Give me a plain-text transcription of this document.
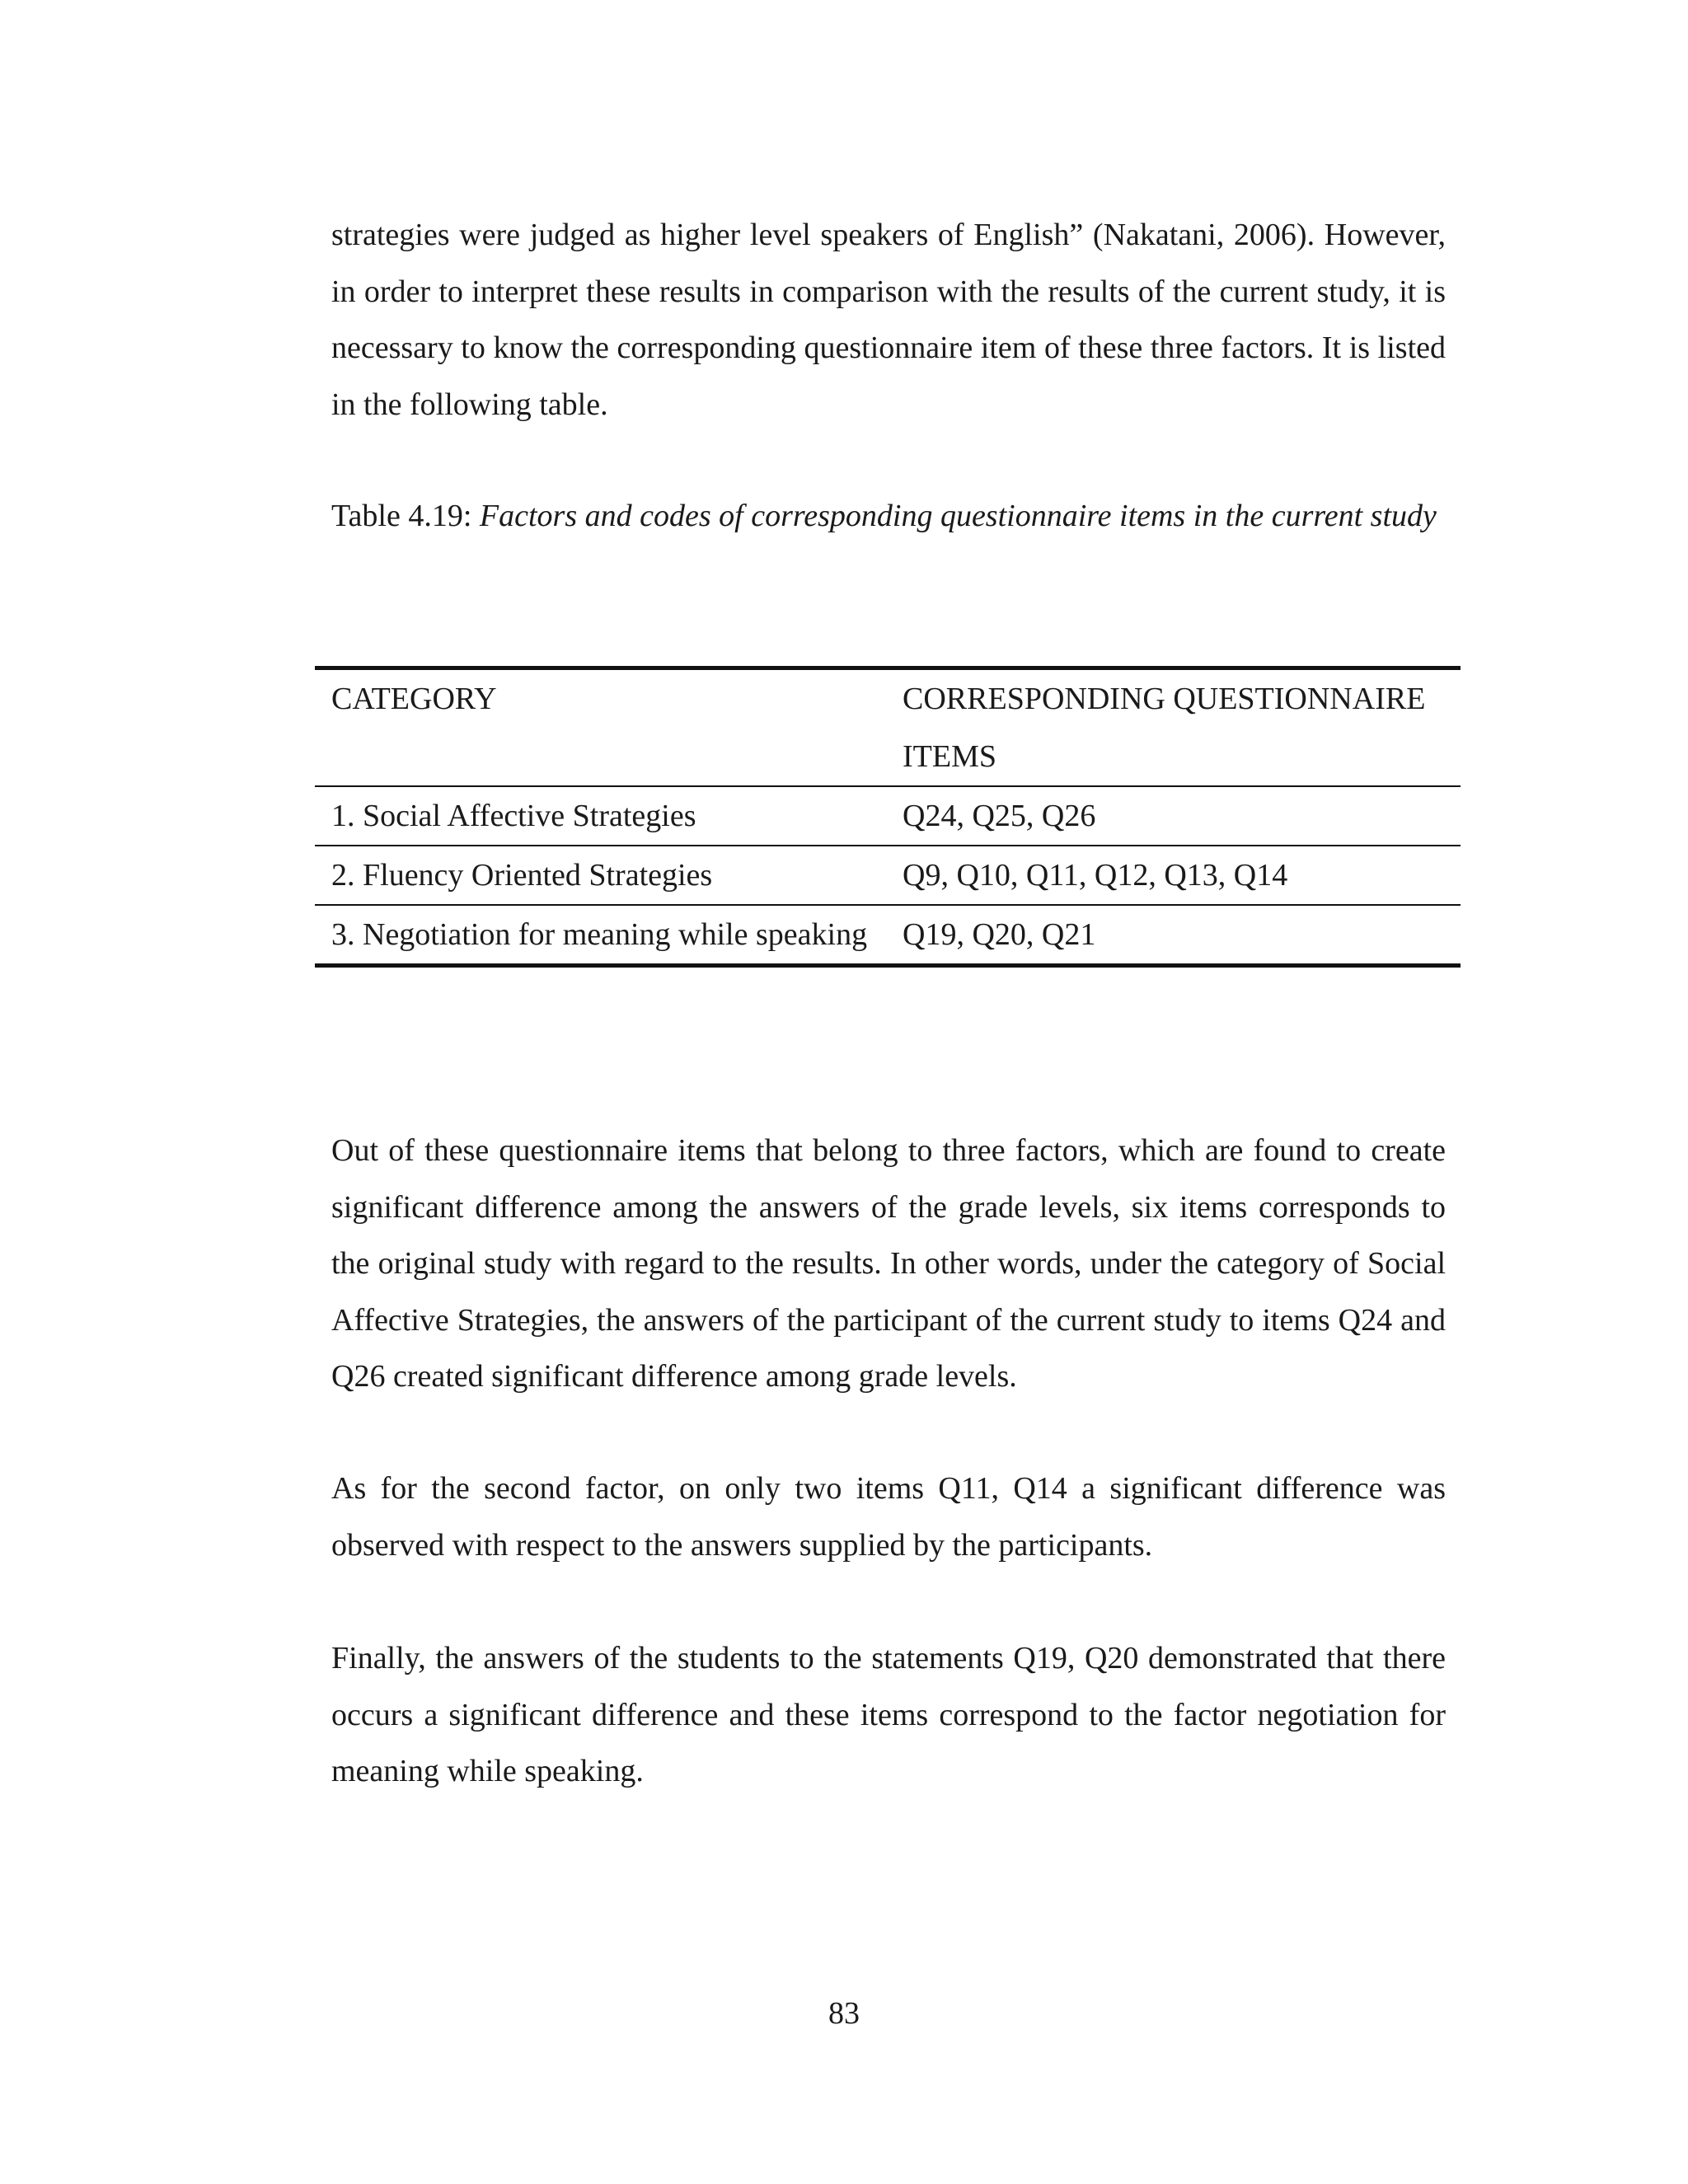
strategies were judged as higher level speakers of English” (Nakatani, 2006). However, in order to interpret these results in comparison with the results of the current study, it is necessary to know the corresponding questionnaire item of these three factors. It is listed in the following table.

Table 4.19: Factors and codes of corresponding questionnaire items in the current study

CATEGORY	CORRESPONDING QUESTIONNAIRE ITEMS
1. Social Affective Strategies	Q24, Q25, Q26
2. Fluency Oriented Strategies	Q9, Q10, Q11, Q12, Q13, Q14
3. Negotiation for meaning while speaking	Q19, Q20, Q21

Out of these questionnaire items that belong to three factors, which are found to create significant difference among the answers of the grade levels, six items corresponds to the original study with regard to the results. In other words, under the category of Social Affective Strategies, the answers of the participant of the current study to items Q24 and Q26 created significant difference among grade levels.

As for the second factor, on only two items Q11, Q14 a significant difference was observed with respect to the answers supplied by the participants.

Finally, the answers of the students to the statements Q19, Q20 demonstrated that there occurs a significant difference and these items correspond to the factor negotiation for meaning while speaking.

83
